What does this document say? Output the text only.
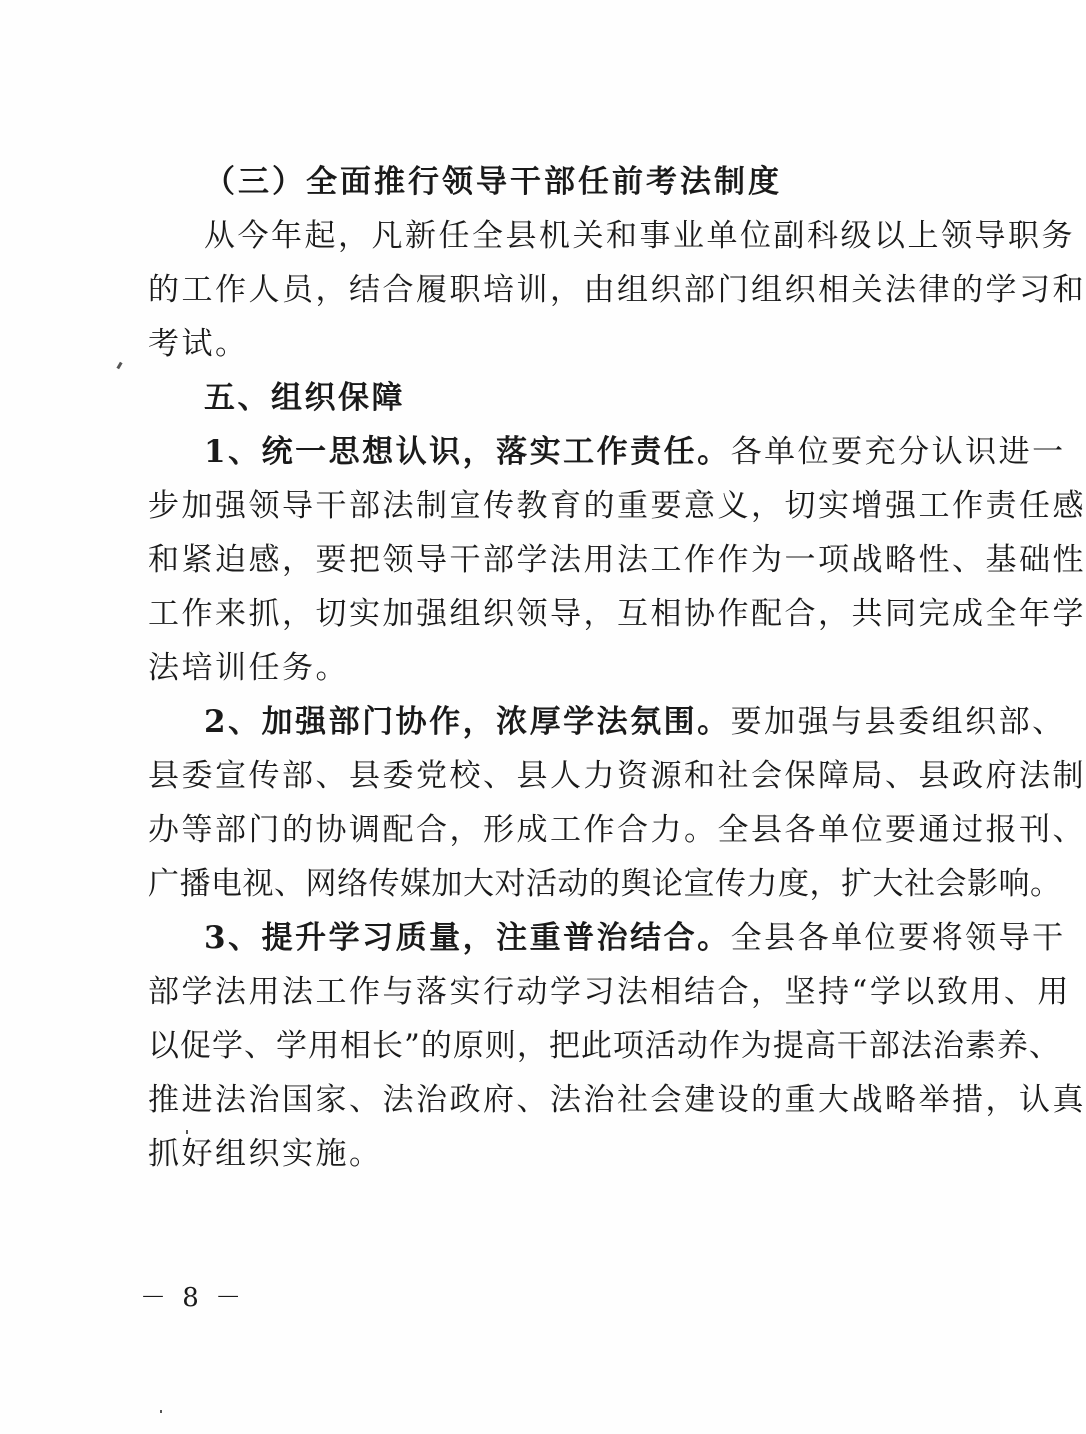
（三）全面推行领导干部任前考法制度
从今年起，凡新任全县机关和事业单位副科级以上领导职务
的工作人员，结合履职培训，由组织部门组织相关法律的学习和
考试。
五、组织保障
1、统一思想认识，落实工作责任。各单位要充分认识进一
步加强领导干部法制宣传教育的重要意义，切实增强工作责任感
和紧迫感，要把领导干部学法用法工作作为一项战略性、基础性
工作来抓，切实加强组织领导，互相协作配合，共同完成全年学
法培训任务。
2、加强部门协作，浓厚学法氛围。要加强与县委组织部、
县委宣传部、县委党校、县人力资源和社会保障局、县政府法制
办等部门的协调配合，形成工作合力。全县各单位要通过报刊、
广播电视、网络传媒加大对活动的舆论宣传力度，扩大社会影响。
3、提升学习质量，注重普治结合。全县各单位要将领导干
部学法用法工作与落实行动学习法相结合，坚持“学以致用、用
以促学、学用相长”的原则，把此项活动作为提高干部法治素养、
推进法治国家、法治政府、法治社会建设的重大战略举措，认真
抓好组织实施。
－ 8 －
